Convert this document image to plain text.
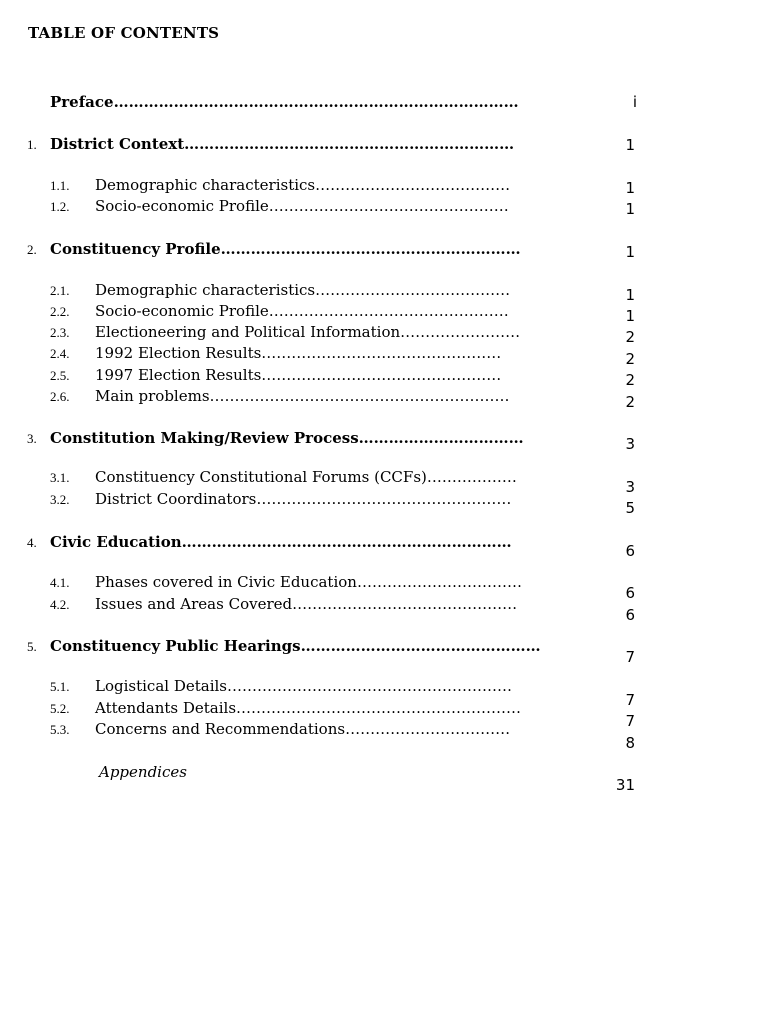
TABLE OF CONTENTS
Preface………………………………………………………………………
1. District Context…………………………………………………………
1.1. Demographic characteristics…………………………………
1.2. Socio-economic Profile…………………………………………
2. Constituency Profile……………………………………………………
2.1. Demographic characteristics…………………………………
2.2. Socio-economic Profile…………………………………………
2.3. Electioneering and Political Information……………………
2.4. 1992 Election Results…………………………………………
2.5. 1997 Election Results…………………………………………
2.6. Main problems……………………………………………………
3. Constitution Making/Review Process……………………………
3.1. Constituency Constitutional Forums (CCFs)………………
3.2. District Coordinators……………………………………………
4. Civic Education…………………………………………………………
4.1. Phases covered in Civic Education……………………………
4.2. Issues and Areas Covered………………………………………
5. Constituency Public Hearings…………………………………………
5.1. Logistical Details…………………………………………………
5.2. Attendants Details…………………………………………………
5.3. Concerns and Recommendations……………………………
Appendices
i
1
1
1
1
1
1
2
2
2
2
3
3
5
6
6
6
7
7
7
8
31
